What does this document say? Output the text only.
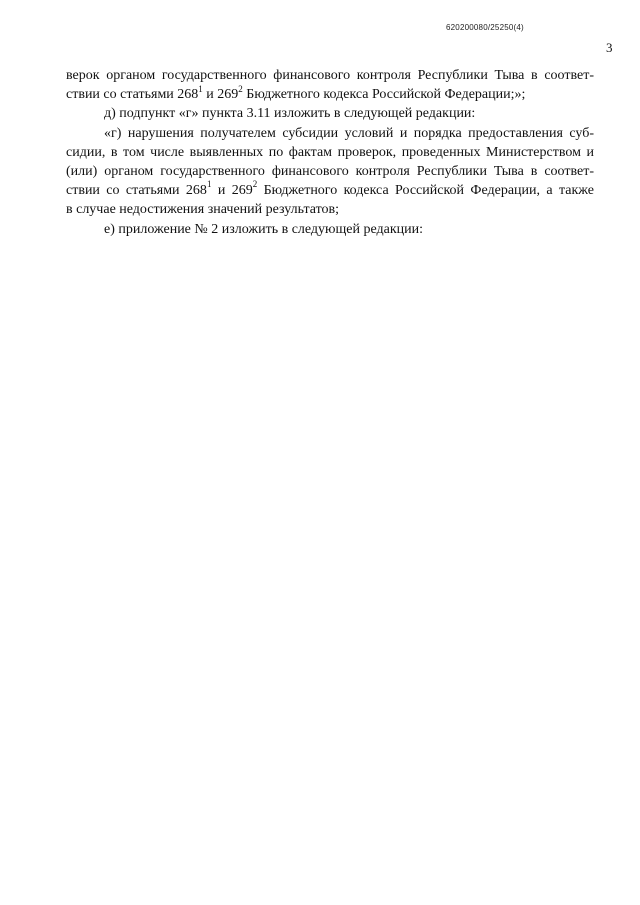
620200080/25250(4)
3
верок органом государственного финансового контроля Республики Тыва в соответ-
ствии со статьями $268^1$ и $269^2$ Бюджетного кодекса Российской Федерации;»;
д) подпункт «г» пункта 3.11 изложить в следующей редакции:
«г) нарушения получателем субсидии условий и порядка предоставления суб-
сидии, в том числе выявленных по фактам проверок, проведенных Министерством и
(или) органом государственного финансового контроля Республики Тыва в соответ-
ствии со статьями $268^1$ и $269^2$ Бюджетного кодекса Российской Федерации, а также
в случае недостижения значений результатов;
е) приложение № 2 изложить в следующей редакции:
